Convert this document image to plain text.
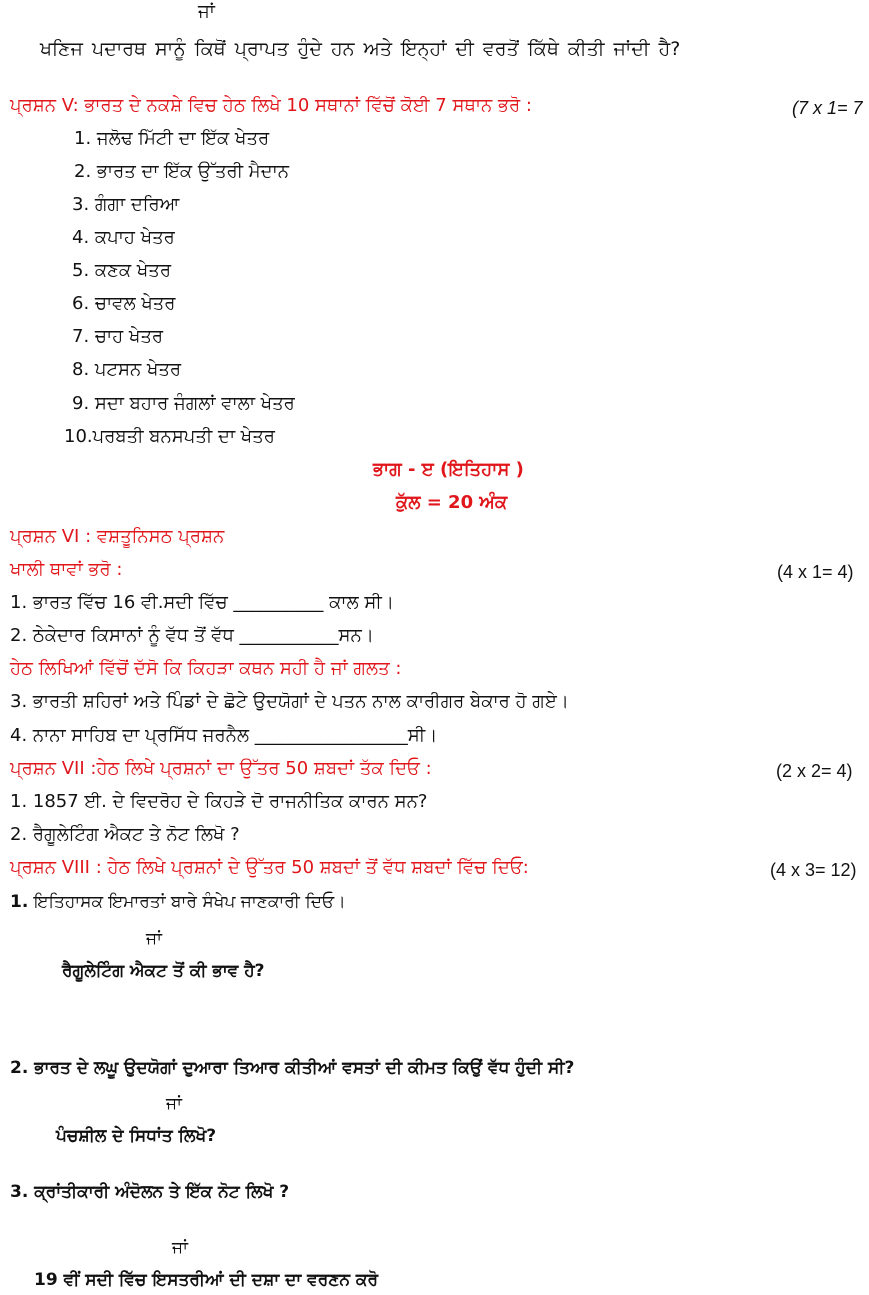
ਜਾਂ
ਖਣਿਜ ਪਦਾਰਥ ਸਾਨੂੰ ਕਿਥੋਂ ਪ੍ਰਾਪਤ ਹੁੰਦੇ ਹਨ ਅਤੇ ਇਨ੍ਹਾਂ ਦੀ ਵਰਤੋਂ ਕਿੱਥੇ ਕੀਤੀ ਜਾਂਦੀ ਹੈ?
ਪ੍ਰਸ਼ਨ V: ਭਾਰਤ ਦੇ ਨਕਸ਼ੇ ਵਿਚ ਹੇਠ ਲਿਖੇ 10 ਸਥਾਨਾਂ ਵਿੱਚੋਂ ਕੋਈ 7 ਸਥਾਨ ਭਰੋ :	(7 x 1= 7
1. ਜਲੋਢ ਮਿੱਟੀ ਦਾ ਇੱਕ ਖੇਤਰ
2. ਭਾਰਤ ਦਾ ਇੱਕ ਉੱਤਰੀ ਮੈਦਾਨ
3. ਗੰਗਾ ਦਰਿਆ
4. ਕਪਾਹ ਖੇਤਰ
5. ਕਣਕ ਖੇਤਰ
6. ਚਾਵਲ ਖੇਤਰ
7. ਚਾਹ ਖੇਤਰ
8. ਪਟਸਨ ਖੇਤਰ
9. ਸਦਾ ਬਹਾਰ ਜੰਗਲਾਂ ਵਾਲਾ ਖੇਤਰ
10.ਪਰਬਤੀ ਬਨਸਪਤੀ ਦਾ ਖੇਤਰ
ਭਾਗ - ੲ (ਇਤਿਹਾਸ )
ਕੁੱਲ = 20 ਅੰਕ
ਪ੍ਰਸ਼ਨ VI : ਵਸ਼ਤੂਨਿਸਠ ਪ੍ਰਸ਼ਨ
ਖਾਲੀ ਥਾਵਾਂ ਭਰੋ :	(4 x 1= 4)
1. ਭਾਰਤ ਵਿੱਚ 16 ਵੀ.ਸਦੀ ਵਿੱਚ __________ ਕਾਲ ਸੀ।
2. ਠੇਕੇਦਾਰ ਕਿਸਾਨਾਂ ਨੂੰ ਵੱਧ ਤੋਂ ਵੱਧ ___________ਸਨ।
ਹੇਠ ਲਿਖਿਆਂ ਵਿੱਚੋਂ ਦੱਸੋ ਕਿ ਕਿਹੜਾ ਕਥਨ ਸਹੀ ਹੈ ਜਾਂ ਗਲਤ :
3. ਭਾਰਤੀ ਸ਼ਹਿਰਾਂ ਅਤੇ ਪਿੰਡਾਂ ਦੇ ਛੋਟੇ ਉਦਯੋਗਾਂ ਦੇ ਪਤਨ ਨਾਲ ਕਾਰੀਗਰ ਬੇਕਾਰ ਹੋ ਗਏ।
4. ਨਾਨਾ ਸਾਹਿਬ ਦਾ ਪ੍ਰਸਿੱਧ ਜਰਨੈਲ _________________ਸੀ।
ਪ੍ਰਸ਼ਨ VII :ਹੇਠ ਲਿਖੇ ਪ੍ਰਸ਼ਨਾਂ ਦਾ ਉੱਤਰ 50 ਸ਼ਬਦਾਂ ਤੱਕ ਦਿਓ :	(2 x 2= 4)
1. 1857 ਈ. ਦੇ ਵਿਦਰੋਹ ਦੇ ਕਿਹੜੇ ਦੋ ਰਾਜਨੀਤਿਕ ਕਾਰਨ ਸਨ?
2. ਰੈਗੂਲੇਟਿੰਗ ਐਕਟ ਤੇ ਨੋਟ ਲਿਖੋ ?
ਪ੍ਰਸ਼ਨ VIII : ਹੇਠ ਲਿਖੇ ਪ੍ਰਸ਼ਨਾਂ ਦੇ ਉੱਤਰ 50 ਸ਼ਬਦਾਂ ਤੋਂ ਵੱਧ ਸ਼ਬਦਾਂ ਵਿੱਚ ਦਿਓ:	(4 x 3= 12)
1. ਇਤਿਹਾਸਕ ਇਮਾਰਤਾਂ ਬਾਰੇ ਸੰਖੇਪ ਜਾਣਕਾਰੀ ਦਿਓ।
ਜਾਂ
ਰੈਗੂਲੇਟਿੰਗ ਐਕਟ ਤੋਂ ਕੀ ਭਾਵ ਹੈ?
2. ਭਾਰਤ ਦੇ ਲਘੂ ਉਦਯੋਗਾਂ ਦੁਆਰਾ ਤਿਆਰ ਕੀਤੀਆਂ ਵਸਤਾਂ ਦੀ ਕੀਮਤ ਕਿਉਂ ਵੱਧ ਹੁੰਦੀ ਸੀ?
ਜਾਂ
ਪੰਚਸ਼ੀਲ ਦੇ ਸਿਧਾਂਤ ਲਿਖੋ?
3. ਕ੍ਰਾਂਤੀਕਾਰੀ ਅੰਦੋਲਨ ਤੇ ਇੱਕ ਨੋਟ ਲਿਖੋ ?
ਜਾਂ
19 ਵੀਂ ਸਦੀ ਵਿੱਚ ਇਸਤਰੀਆਂ ਦੀ ਦਸ਼ਾ ਦਾ ਵਰਣਨ ਕਰੋ
